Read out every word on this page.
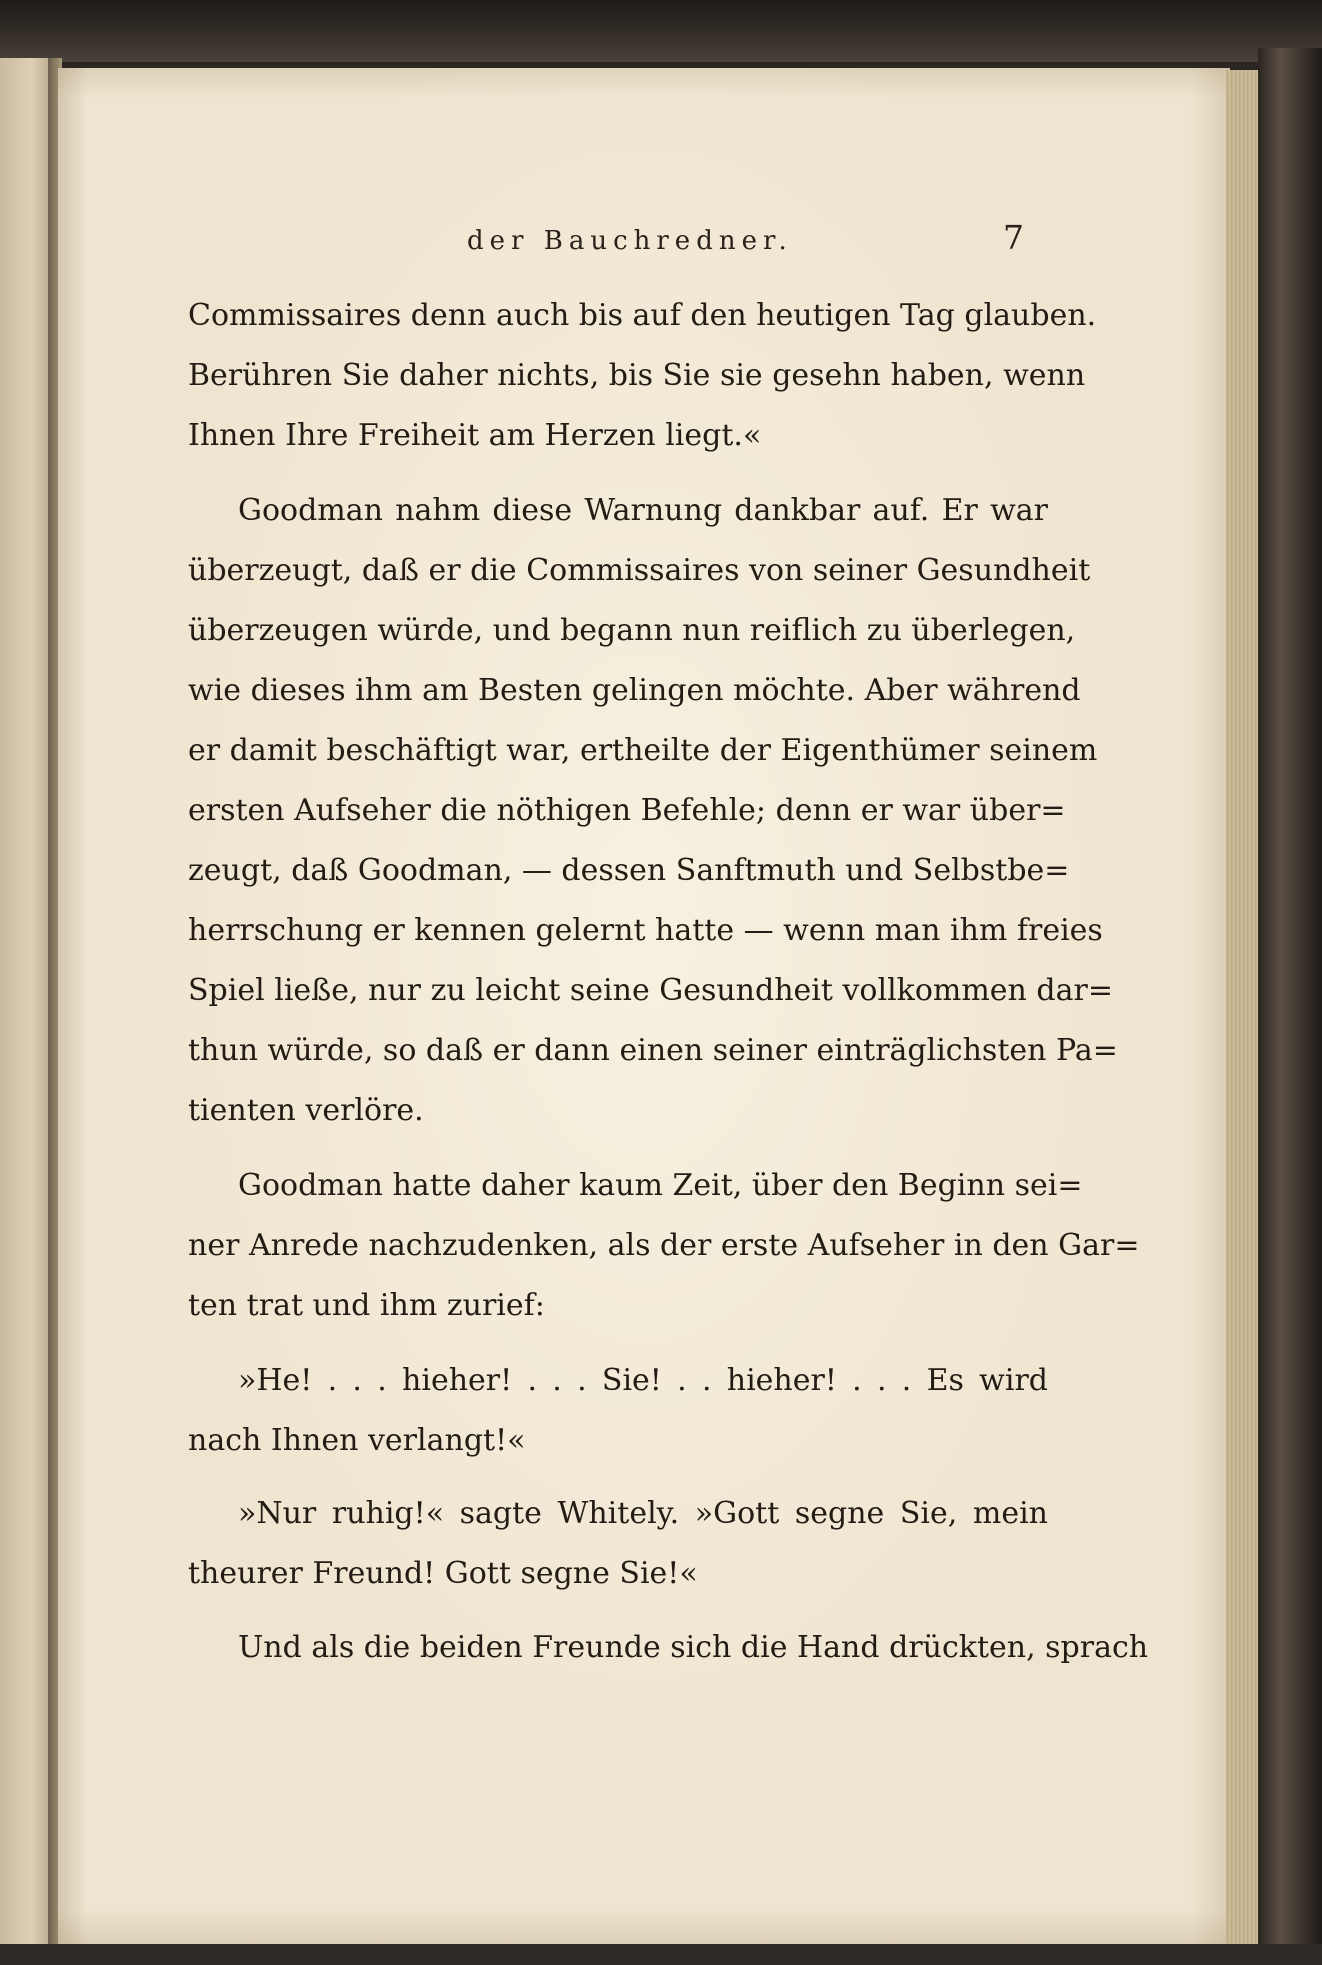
der Bauchredner.	7
Commissaires denn auch bis auf den heutigen Tag glauben.
Berühren Sie daher nichts, bis Sie sie gesehn haben, wenn
Ihnen Ihre Freiheit am Herzen liegt.«
Goodman nahm diese Warnung dankbar auf. Er war
überzeugt, daß er die Commissaires von seiner Gesundheit
überzeugen würde, und begann nun reiflich zu überlegen,
wie dieses ihm am Besten gelingen möchte. Aber während
er damit beschäftigt war, ertheilte der Eigenthümer seinem
ersten Aufseher die nöthigen Befehle; denn er war über=
zeugt, daß Goodman, — dessen Sanftmuth und Selbstbe=
herrschung er kennen gelernt hatte — wenn man ihm freies
Spiel ließe, nur zu leicht seine Gesundheit vollkommen dar=
thun würde, so daß er dann einen seiner einträglichsten Pa=
tienten verlöre.
Goodman hatte daher kaum Zeit, über den Beginn sei=
ner Anrede nachzudenken, als der erste Aufseher in den Gar=
ten trat und ihm zurief:
»He! . . . hieher! . . . Sie! . . hieher! . . . Es wird
nach Ihnen verlangt!«
»Nur ruhig!« sagte Whitely. »Gott segne Sie, mein
theurer Freund! Gott segne Sie!«
Und als die beiden Freunde sich die Hand drückten, sprach
